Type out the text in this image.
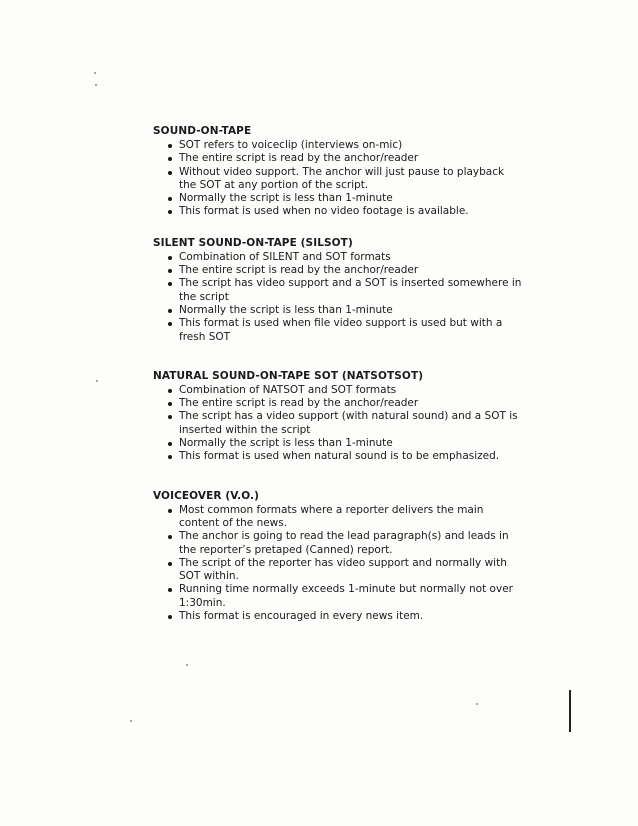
SOUND-ON-TAPE
SOT refers to voiceclip (interviews on-mic)
The entire script is read by the anchor/reader
Without video support. The anchor will just pause to playback the SOT at any portion of the script.
Normally the script is less than 1-minute
This format is used when no video footage is available.
SILENT SOUND-ON-TAPE (SILSOT)
Combination of SILENT and SOT formats
The entire script is read by the anchor/reader
The script has video support and a SOT is inserted somewhere in the script
Normally the script is less than 1-minute
This format is used when file video support is used but with a fresh SOT
NATURAL SOUND-ON-TAPE SOT (NATSOTSOT)
Combination of NATSOT and SOT formats
The entire script is read by the anchor/reader
The script has a video support (with natural sound) and a SOT is inserted within the script
Normally the script is less than 1-minute
This format is used when natural sound is to be emphasized.
VOICEOVER (V.O.)
Most common formats where a reporter delivers the main content of the news.
The anchor is going to read the lead paragraph(s) and leads in the reporter’s pretaped (Canned) report.
The script of the reporter has video support and normally with SOT within.
Running time normally exceeds 1-minute but normally not over 1:30min.
This format is encouraged in every news item.
